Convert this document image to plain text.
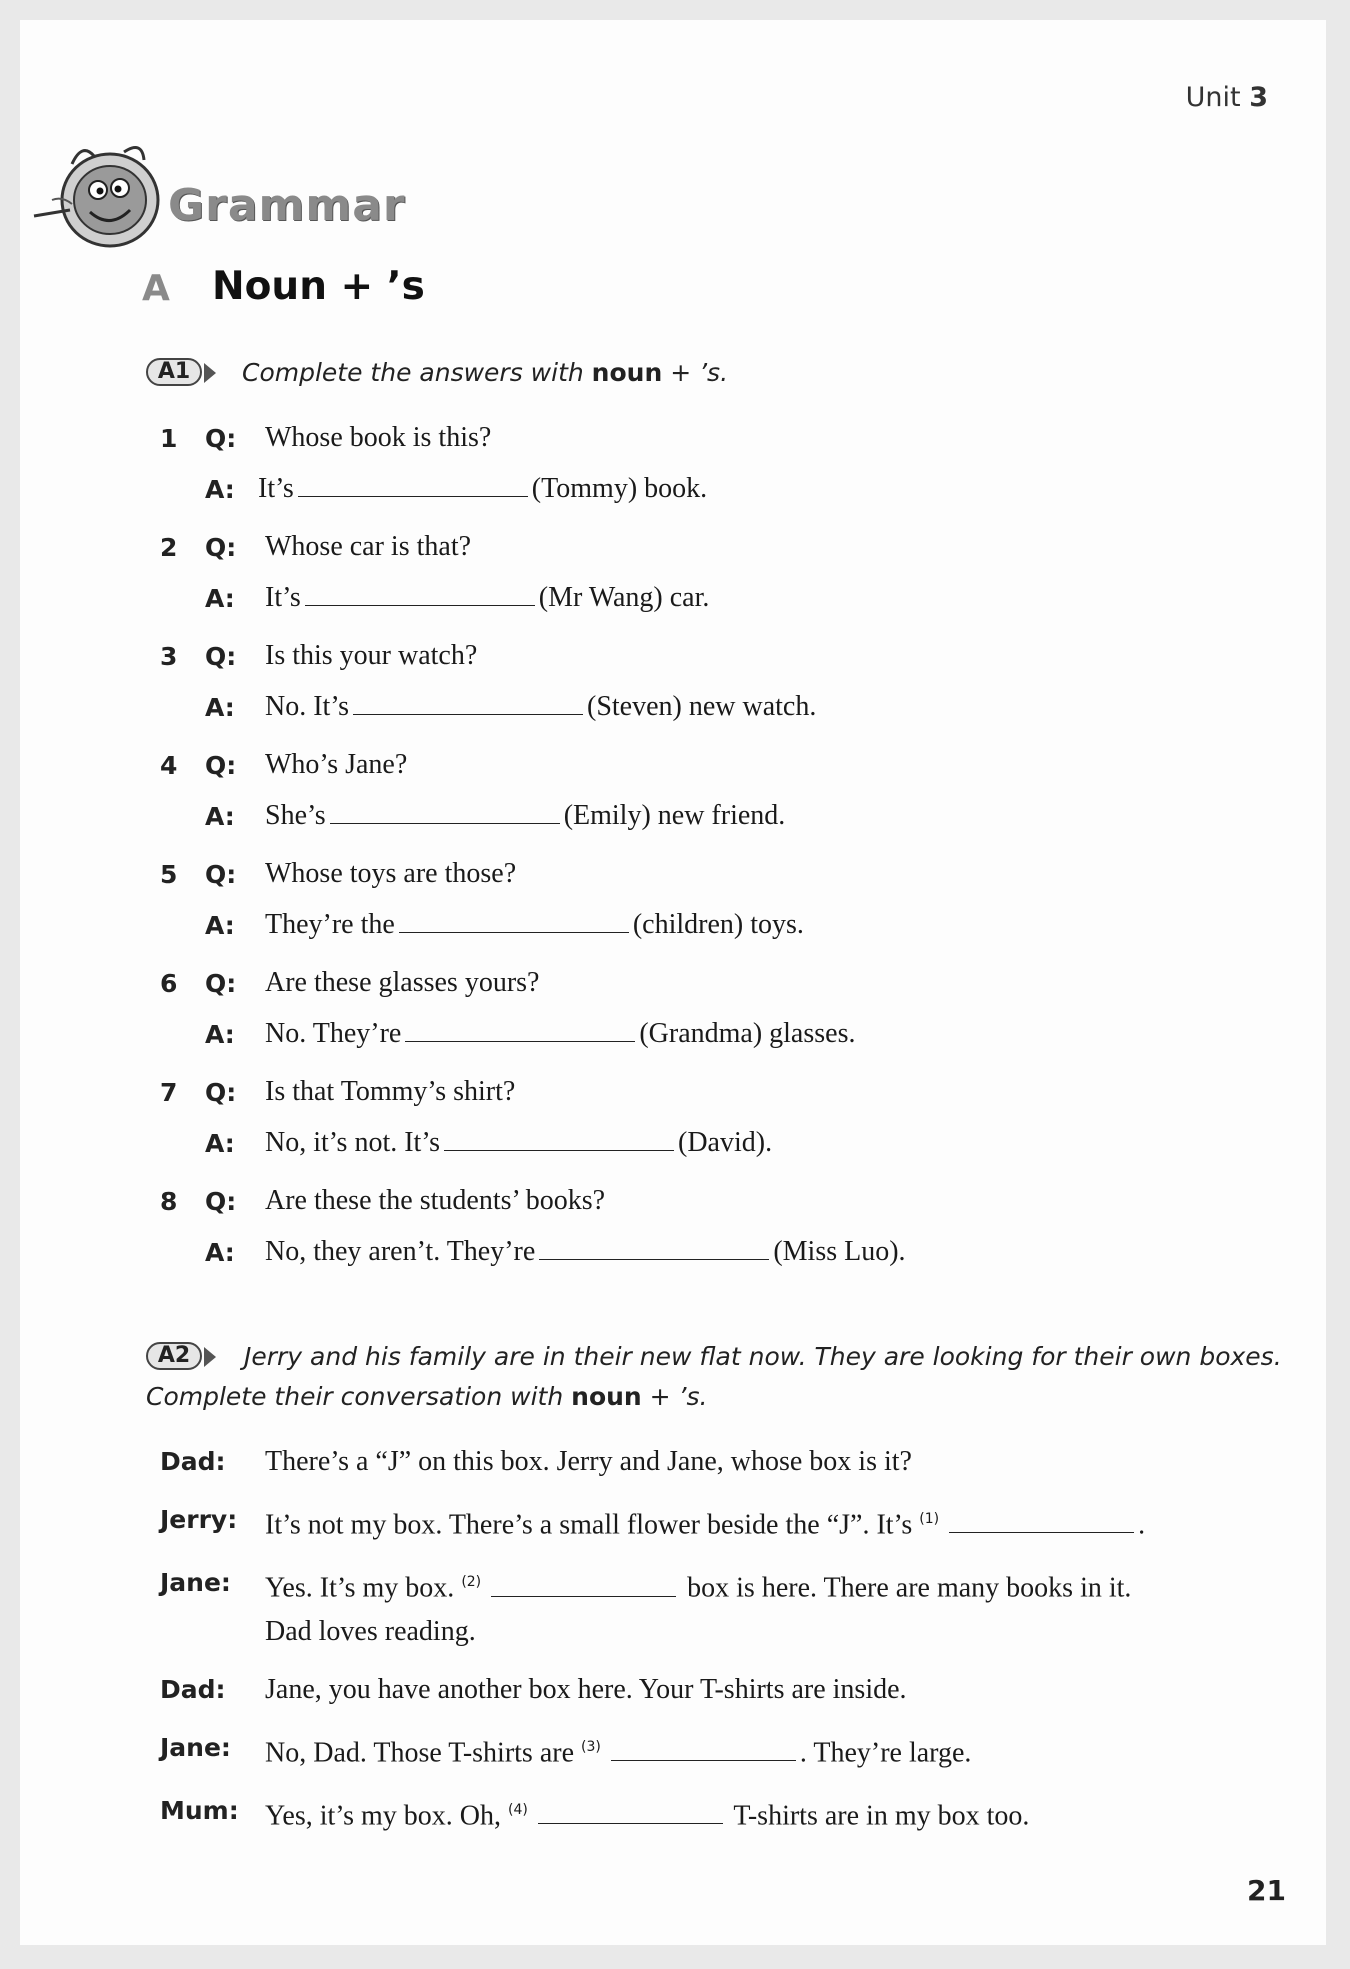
Unit 3
Grammar
A Noun + ’s
A1	Complete the answers with noun + ’s.
1 Q: Whose book is this?
A: It’s	(Tommy) book.
2 Q: Whose car is that?
A: It’s	(Mr Wang) car.
3 Q: Is this your watch?
A: No. It’s	(Steven) new watch.
4 Q: Who’s Jane?
A: She’s	(Emily) new friend.
5 Q: Whose toys are those?
A: They’re the	(children) toys.
6 Q: Are these glasses yours?
A: No. They’re	(Grandma) glasses.
7 Q: Is that Tommy’s shirt?
A: No, it’s not. It’s	(David).
8 Q: Are these the students’ books?
A: No, they aren’t. They’re	(Miss Luo).
A2	Jerry and his family are in their new flat now. They are looking for their own boxes.
Complete their conversation with noun + ’s.
Dad: There’s a “J” on this box. Jerry and Jane, whose box is it?
Jerry: It’s not my box. There’s a small flower beside the “J”. It’s $^{(1)}$	.
Jane: Yes. It’s my box. $^{(2)}$	box is here. There are many books in it.
Dad loves reading.
Dad: Jane, you have another box here. Your T-shirts are inside.
Jane: No, Dad. Those T-shirts are $^{(3)}$	. They’re large.
Mum: Yes, it’s my box. Oh, $^{(4)}$	T-shirts are in my box too.
21
